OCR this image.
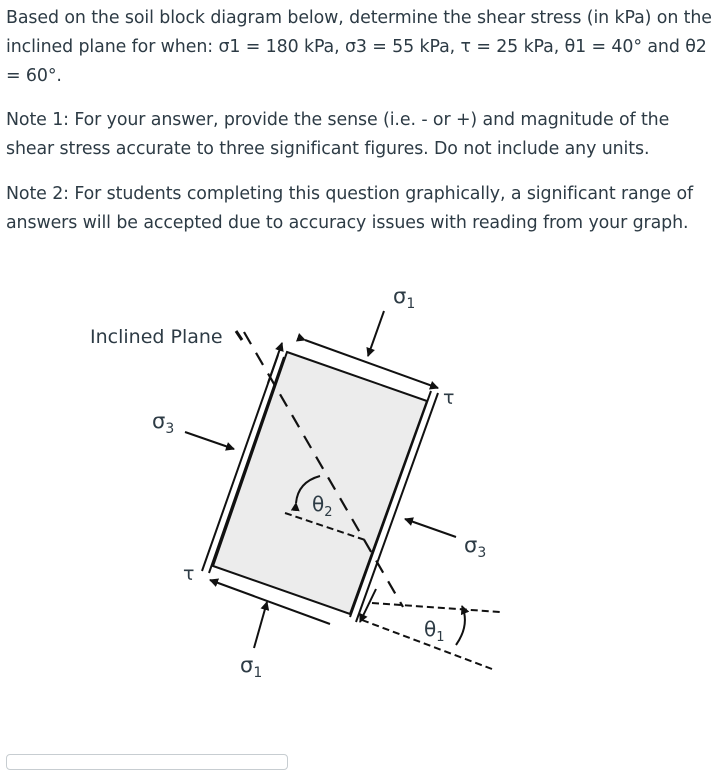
Based on the soil block diagram below, determine the shear stress (in kPa) on the inclined plane for when: σ1 = 180 kPa, σ3 = 55 kPa, τ = 25 kPa, θ1 = 40° and θ2 = 60°.

Note 1: For your answer, provide the sense (i.e. - or +) and magnitude of the shear stress accurate to three significant figures. Do not include any units.

Note 2: For students completing this question graphically, a significant range of answers will be accepted due to accuracy issues with reading from your graph.

Inclined Plane
$\sigma_1$
$\sigma_1$
$\sigma_3$
$\sigma_3$
τ
τ
$\theta_2$
$\theta_1$
